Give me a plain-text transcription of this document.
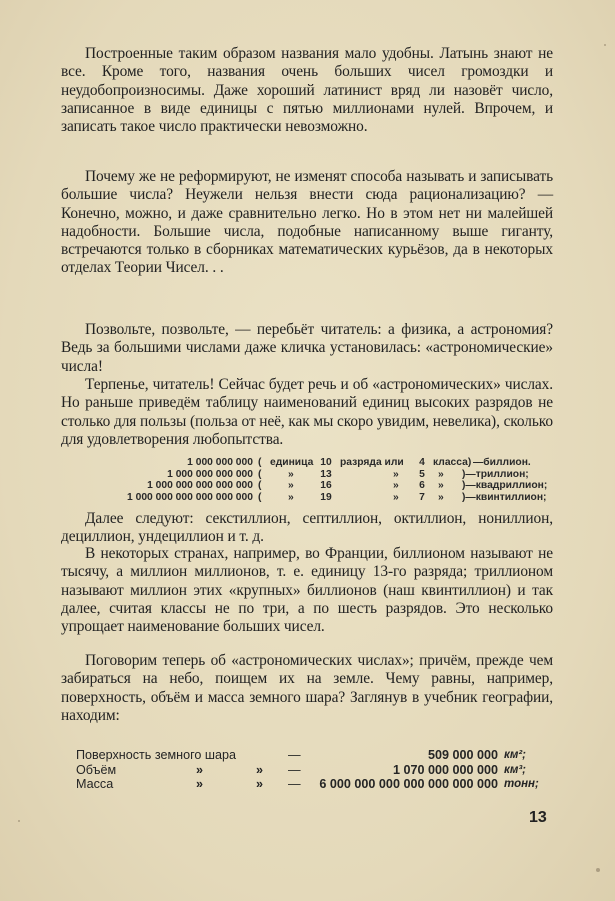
Построенные таким образом названия мало удобны. Латынь знают не все. Кроме того, названия очень больших чисел громоздки и неудобопроизносимы. Даже хороший латинист вряд ли назовёт число, записанное в виде единицы с пятью миллионами нулей. Впрочем, и записать такое число практически невозможно.

Почему же не реформируют, не изменят способа называть и записывать большие числа? Неужели нельзя внести сюда рационализацию? — Конечно, можно, и даже сравнительно легко. Но в этом нет ни малейшей надобности. Большие числа, подобные написанному выше гиганту, встречаются только в сборниках математических курьёзов, да в некоторых отделах Теории Чисел. . .

Позвольте, позвольте, — перебьёт читатель: а физика, а астрономия? Ведь за большими числами даже кличка установилась: «астрономические» числа!

Терпенье, читатель! Сейчас будет речь и об «астрономических» числах. Но раньше приведём таблицу наименований единиц высоких разрядов не столько для пользы (польза от неё, как мы скоро увидим, невелика), сколько для удовлетворения любопытства.

1 000 000 000 ( единица 10 разряда или	4 класса) —биллион.
1 000 000 000 000 (	»	13	»	5	» )—триллион;
1 000 000 000 000 000 (	»	16	»	6	» )—квадриллион;
1 000 000 000 000 000 000 (	»	19	»	7	» )—квинтиллион;

Далее следуют: секстиллион, септиллион, октиллион, нониллион, дециллион, ундециллион и т. д.

В некоторых странах, например, во Франции, биллионом называют не тысячу, а миллион миллионов, т. е. единицу 13-го разряда; триллионом называют миллион этих «крупных» биллионов (наш квинтиллион) и так далее, считая классы не по три, а по шесть разрядов. Это несколько упрощает наименование больших чисел.

Поговорим теперь об «астрономических числах»; причём, прежде чем забираться на небо, поищем их на земле. Чему равны, например, поверхность, объём и масса земного шара? Заглянув в учебник географии, находим:

Поверхность земного шара	—	509 000 000 км²;
Объём	»	» —	1 070 000 000 000 км³;
Масса	»	» — 6 000 000 000 000 000 000 000 тонн;
13
